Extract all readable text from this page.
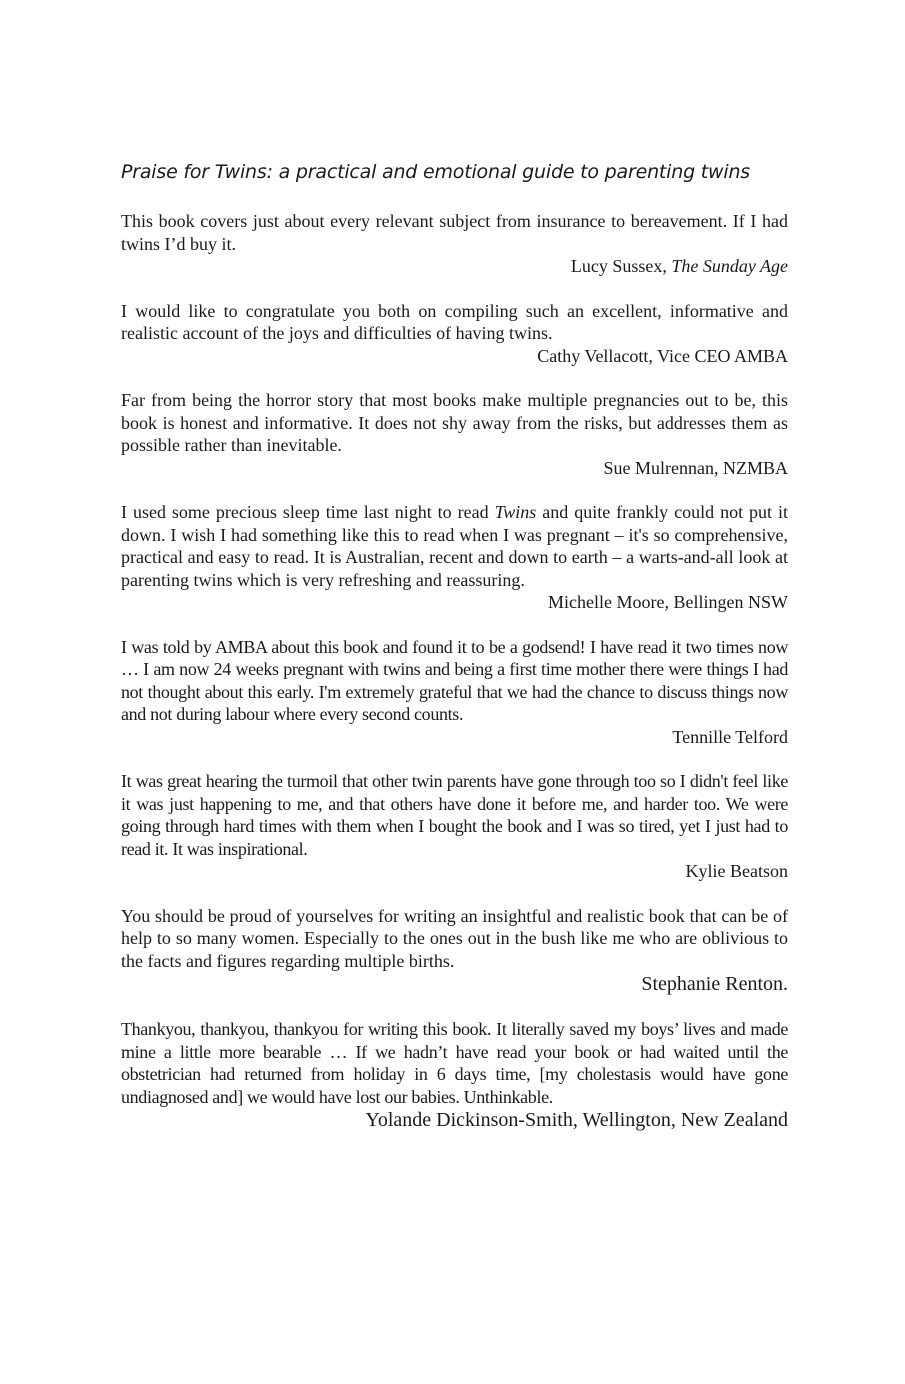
Praise for Twins: a practical and emotional guide to parenting twins

This book covers just about every relevant subject from insurance to bereavement. If I had twins I’d buy it.

Lucy Sussex, The Sunday Age

I would like to congratulate you both on compiling such an excellent, informative and realistic account of the joys and difficulties of having twins.

Cathy Vellacott, Vice CEO AMBA

Far from being the horror story that most books make multiple pregnancies out to be, this book is honest and informative. It does not shy away from the risks, but addresses them as possible rather than inevitable.

Sue Mulrennan, NZMBA

I used some precious sleep time last night to read Twins and quite frankly could not put it down. I wish I had something like this to read when I was pregnant – it's so comprehensive, practical and easy to read. It is Australian, recent and down to earth – a warts-and-all look at parenting twins which is very refreshing and reassuring.

Michelle Moore, Bellingen NSW

I was told by AMBA about this book and found it to be a godsend! I have read it two times now … I am now 24 weeks pregnant with twins and being a first time mother there were things I had not thought about this early. I'm extremely grateful that we had the chance to discuss things now and not during labour where every second counts.

Tennille Telford

It was great hearing the turmoil that other twin parents have gone through too so I didn't feel like it was just happening to me, and that others have done it before me, and harder too. We were going through hard times with them when I bought the book and I was so tired, yet I just had to read it. It was inspirational.

Kylie Beatson

You should be proud of yourselves for writing an insightful and realistic book that can be of help to so many women. Especially to the ones out in the bush like me who are oblivious to the facts and figures regarding multiple births.

Stephanie Renton.

Thankyou, thankyou, thankyou for writing this book. It literally saved my boys’ lives and made mine a little more bearable … If we hadn’t have read your book or had waited until the obstetrician had returned from holiday in 6 days time, [my cholestasis would have gone undiagnosed and] we would have lost our babies. Unthinkable.

Yolande Dickinson-Smith, Wellington, New Zealand
